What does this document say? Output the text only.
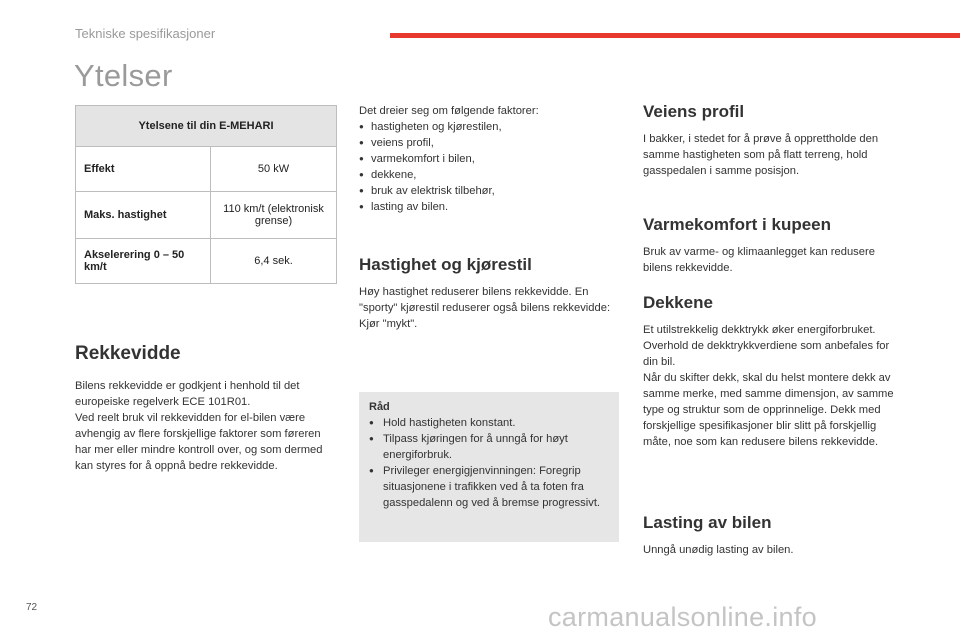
Tekniske spesifikasjoner
Ytelser
Ytelsene til din E-MEHARI	
Effekt	50 kW
Maks. hastighet	110 km/t (elektronisk grense)
Akselerering 0 – 50 km/t	6,4 sek.
Rekkevidde

Bilens rekkevidde er godkjent i henhold til det europeiske regelverk ECE 101R01.

Ved reelt bruk vil rekkevidden for el-bilen være avhengig av flere forskjellige faktorer som føreren har mer eller mindre kontroll over, og som dermed kan styres for å oppnå bedre rekkevidde.

Det dreier seg om følgende faktorer:

● hastigheten og kjørestilen,
● veiens profil,
● varmekomfort i bilen,
● dekkene,
● bruk av elektrisk tilbehør,
● lasting av bilen.
Hastighet og kjørestil

Høy hastighet reduserer bilens rekkevidde. En "sporty" kjørestil reduserer også bilens rekkevidde: Kjør "mykt".

Råd
● Hold hastigheten konstant.
● Tilpass kjøringen for å unngå for høyt energiforbruk.
● Privileger energigjenvinningen: Foregrip situasjonene i trafikken ved å ta foten fra gasspedalenn og ved å bremse progressivt.
Veiens profil

I bakker, i stedet for å prøve å opprettholde den samme hastigheten som på flatt terreng, hold gasspedalen i samme posisjon.

Varmekomfort i kupeen

Bruk av varme- og klimaanlegget kan redusere bilens rekkevidde.

Dekkene

Et utilstrekkelig dekktrykk øker energiforbruket. Overhold de dekktrykkverdiene som anbefales for din bil.

Når du skifter dekk, skal du helst montere dekk av samme merke, med samme dimensjon, av samme type og struktur som de opprinnelige. Dekk med forskjellige spesifikasjoner blir slitt på forskjellig måte, noe som kan redusere bilens rekkevidde.

Lasting av bilen

Unngå unødig lasting av bilen.

72	carmanualsonline.info
